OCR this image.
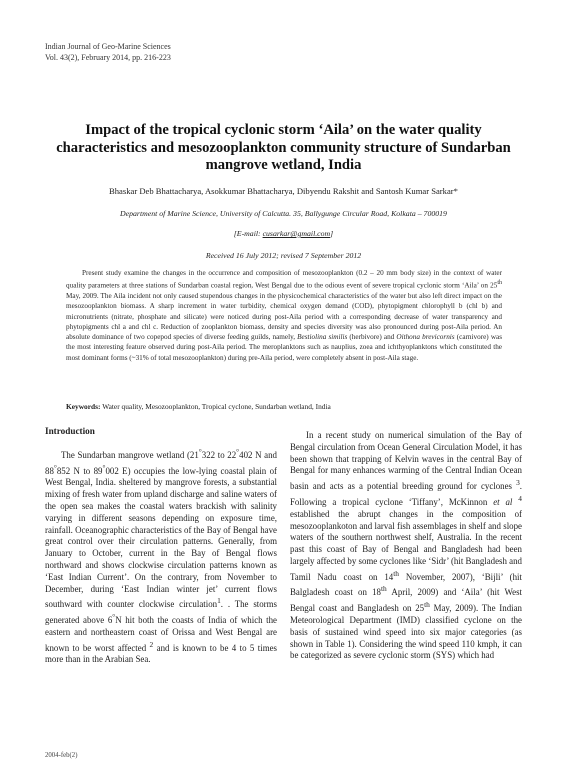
Indian Journal of Geo-Marine Sciences
Vol. 43(2), February 2014, pp. 216-223
Impact of the tropical cyclonic storm ‘Aila’ on the water quality characteristics and mesozooplankton community structure of Sundarban mangrove wetland, India
Bhaskar Deb Bhattacharya, Asokkumar Bhattacharya, Dibyendu Rakshit and Santosh Kumar Sarkar*
Department of Marine Science, University of Calcutta. 35, Ballygunge Circular Road, Kolkata – 700019
[E-mail: cusarkar@gmail.com]
Received 16 July 2012; revised 7 September 2012
Present study examine the changes in the occurrence and composition of mesozooplankton (0.2 – 20 mm body size) in the context of water quality parameters at three stations of Sundarban coastal region, West Bengal due to the odious event of severe tropical cyclonic storm ‘Aila’ on 25th May, 2009. The Aila incident not only caused stupendous changes in the physicochemical characteristics of the water but also left direct impact on the mesozooplankton biomass. A sharp increment in water turbidity, chemical oxygen demand (COD), phytopigment chlorophyll b (chl b) and micronutrients (nitrate, phosphate and silicate) were noticed during post-Aila period with a corresponding decrease of water transparency and phytopigments chl a and chl c. Reduction of zooplankton biomass, density and species diversity was also pronounced during post-Aila period. An absolute dominance of two copepod species of diverse feeding guilds, namely, Bestiolina similis (herbivore) and Oithona brevicornis (carnivore) was the most interesting feature observed during post-Aila period. The meroplanktons such as nauplius, zoea and ichthyoplanktons which constituted the most dominant forms (~31% of total mesozooplankton) during pre-Aila period, were completely absent in post-Aila stage.
Keywords: Water quality, Mesozooplankton, Tropical cyclone, Sundarban wetland, India
Introduction

The Sundarban mangrove wetland (21°322 to 22°402 N and 88°852 N to 89°002 E) occupies the low-lying coastal plain of West Bengal, India. sheltered by mangrove forests, a substantial mixing of fresh water from upland discharge and saline waters of the open sea makes the coastal waters brackish with salinity varying in different seasons depending on exposure time, rainfall. Oceanographic characteristics of the Bay of Bengal have great control over their circulation patterns. Generally, from January to October, current in the Bay of Bengal flows northward and shows clockwise circulation patterns known as ‘East Indian Current’. On the contrary, from November to December, during ‘East Indian winter jet’ current flows southward with counter clockwise circulation$^1$. . The storms generated above 6°N hit both the coasts of India of which the eastern and northeastern coast of Orissa and West Bengal are known to be worst affected $^2$ and is known to be 4 to 5 times more than in the Arabian Sea.

In a recent study on numerical simulation of the Bay of Bengal circulation from Ocean General Circulation Model, it has been shown that trapping of Kelvin waves in the central Bay of Bengal for many enhances warming of the Central Indian Ocean basin and acts as a potential breeding ground for cyclones $^3$. Following a tropical cyclone ‘Tiffany’, McKinnon et al $^4$ established the abrupt changes in the composition of mesozooplankoton and larval fish assemblages in shelf and slope waters of the southern northwest shelf, Australia. In the recent past this coast of Bay of Bengal and Bangladesh had been largely affected by some cyclones like ‘Sidr’ (hit Bangladesh and Tamil Nadu coast on 14th November, 2007), ‘Bijli’ (hit Balgladesh coast on 18th April, 2009) and ‘Aila’ (hit West Bengal coast and Bangladesh on 25th May, 2009). The Indian Meteorological Department (IMD) classified cyclone on the basis of sustained wind speed into six major categories (as shown in Table 1). Considering the wind speed 110 kmph, it can be categorized as severe cyclonic storm (SYS) which had

2004-feb(2)
